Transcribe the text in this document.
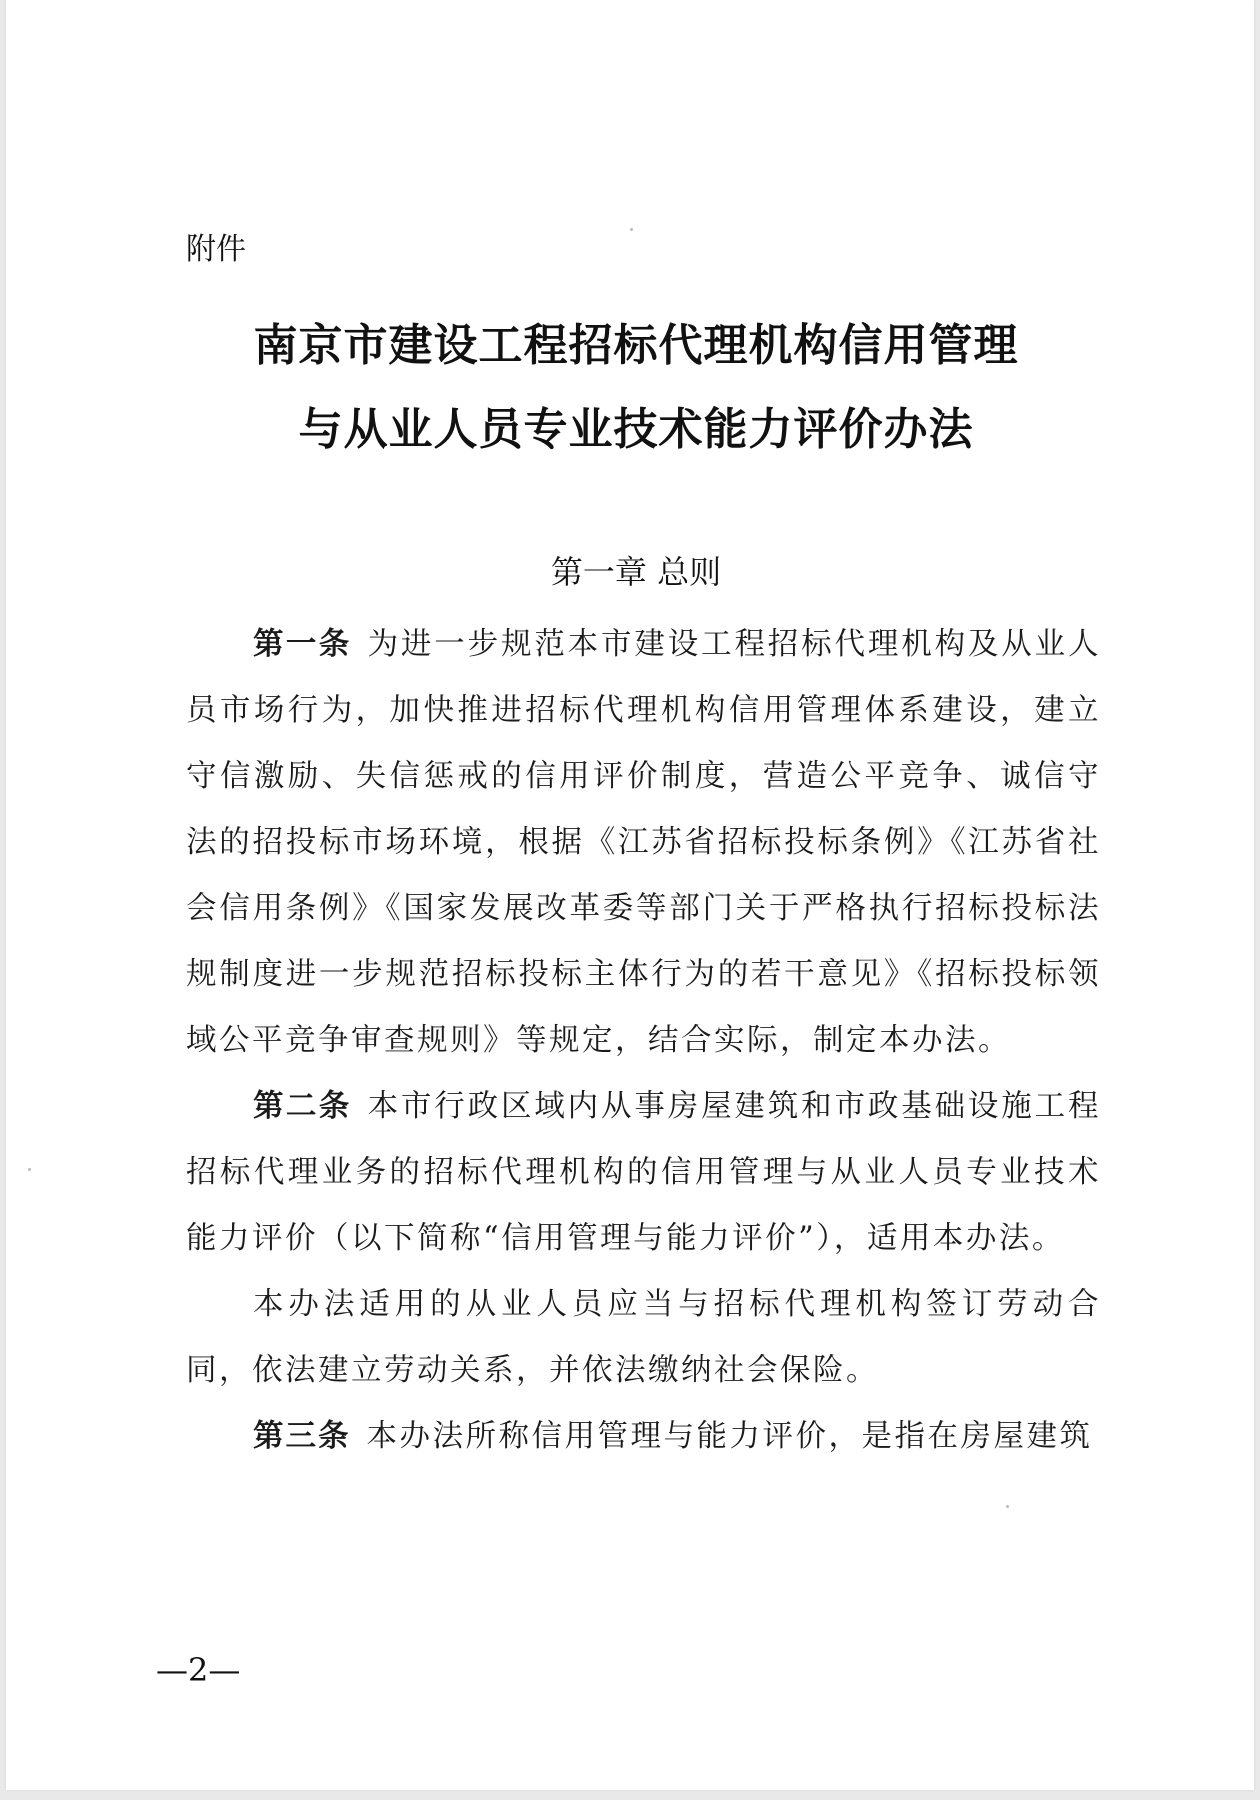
附件
南京市建设工程招标代理机构信用管理
与从业人员专业技术能力评价办法
第一章 总则

第一条 为进一步规范本市建设工程招标代理机构及从业人员市场行为，加快推进招标代理机构信用管理体系建设，建立守信激励、失信惩戒的信用评价制度，营造公平竞争、诚信守法的招投标市场环境，根据《江苏省招标投标条例》《江苏省社会信用条例》《国家发展改革委等部门关于严格执行招标投标法规制度进一步规范招标投标主体行为的若干意见》《招标投标领域公平竞争审查规则》等规定，结合实际，制定本办法。

第二条 本市行政区域内从事房屋建筑和市政基础设施工程招标代理业务的招标代理机构的信用管理与从业人员专业技术能力评价（以下简称“信用管理与能力评价”），适用本办法。

本办法适用的从业人员应当与招标代理机构签订劳动合同，依法建立劳动关系，并依法缴纳社会保险。

第三条 本办法所称信用管理与能力评价，是指在房屋建筑

—2—
